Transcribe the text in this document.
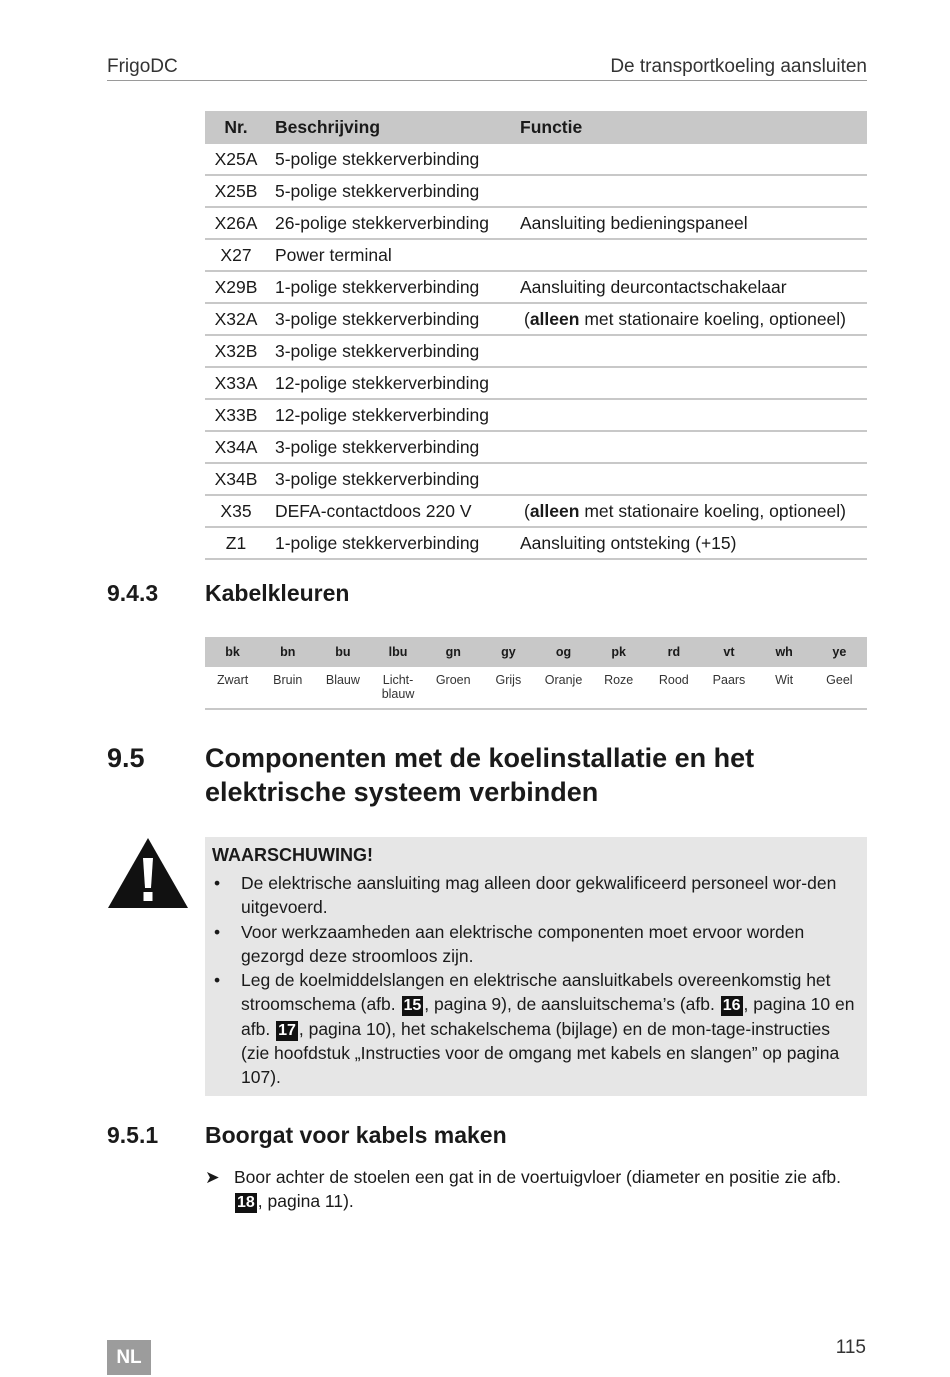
FrigoDC	De transportkoeling aansluiten
Nr.	Beschrijving	Functie
X25A	5-polige stekkerverbinding	
X25B	5-polige stekkerverbinding	
X26A	26-polige stekkerverbinding	Aansluiting bedieningspaneel
X27	Power terminal	
X29B	1-polige stekkerverbinding	Aansluiting deurcontactschakelaar
X32A	3-polige stekkerverbinding	(alleen met stationaire koeling, optioneel)
X32B	3-polige stekkerverbinding	
X33A	12-polige stekkerverbinding	
X33B	12-polige stekkerverbinding	
X34A	3-polige stekkerverbinding	
X34B	3-polige stekkerverbinding	
X35	DEFA-contactdoos 220 V	(alleen met stationaire koeling, optioneel)
Z1	1-polige stekkerverbinding	Aansluiting ontsteking (+15)
9.4.3 Kabelkleuren
bk	bn	bu	lbu	gn	gy	og	pk	rd	vt	wh	ye

Zwart	Bruin	Blauw	Licht-
blauw	Groen	Grijs	Oranje	Roze	Rood	Paars	Wit	Geel
9.5 Componenten met de koelinstallatie en het
elektrische systeem verbinden
WAARSCHUWING!
• De elektrische aansluiting mag alleen door gekwalificeerd personeel wor-den uitgevoerd.
• Voor werkzaamheden aan elektrische componenten moet ervoor worden gezorgd deze stroomloos zijn.
• Leg de koelmiddelslangen en elektrische aansluitkabels overeenkomstig het stroomschema (afb. 15 , pagina 9), de aansluitschema’s (afb. 16 , pagina 10 en afb. 17 , pagina 10), het schakelschema (bijlage) en de mon-tage-instructies (zie hoofdstuk „Instructies voor de omgang met kabels en slangen” op pagina 107).
9.5.1 Boorgat voor kabels maken
➤ Boor achter de stoelen een gat in de voertuigvloer (diameter en positie zie afb. 18 , pagina 11).
NL	115
